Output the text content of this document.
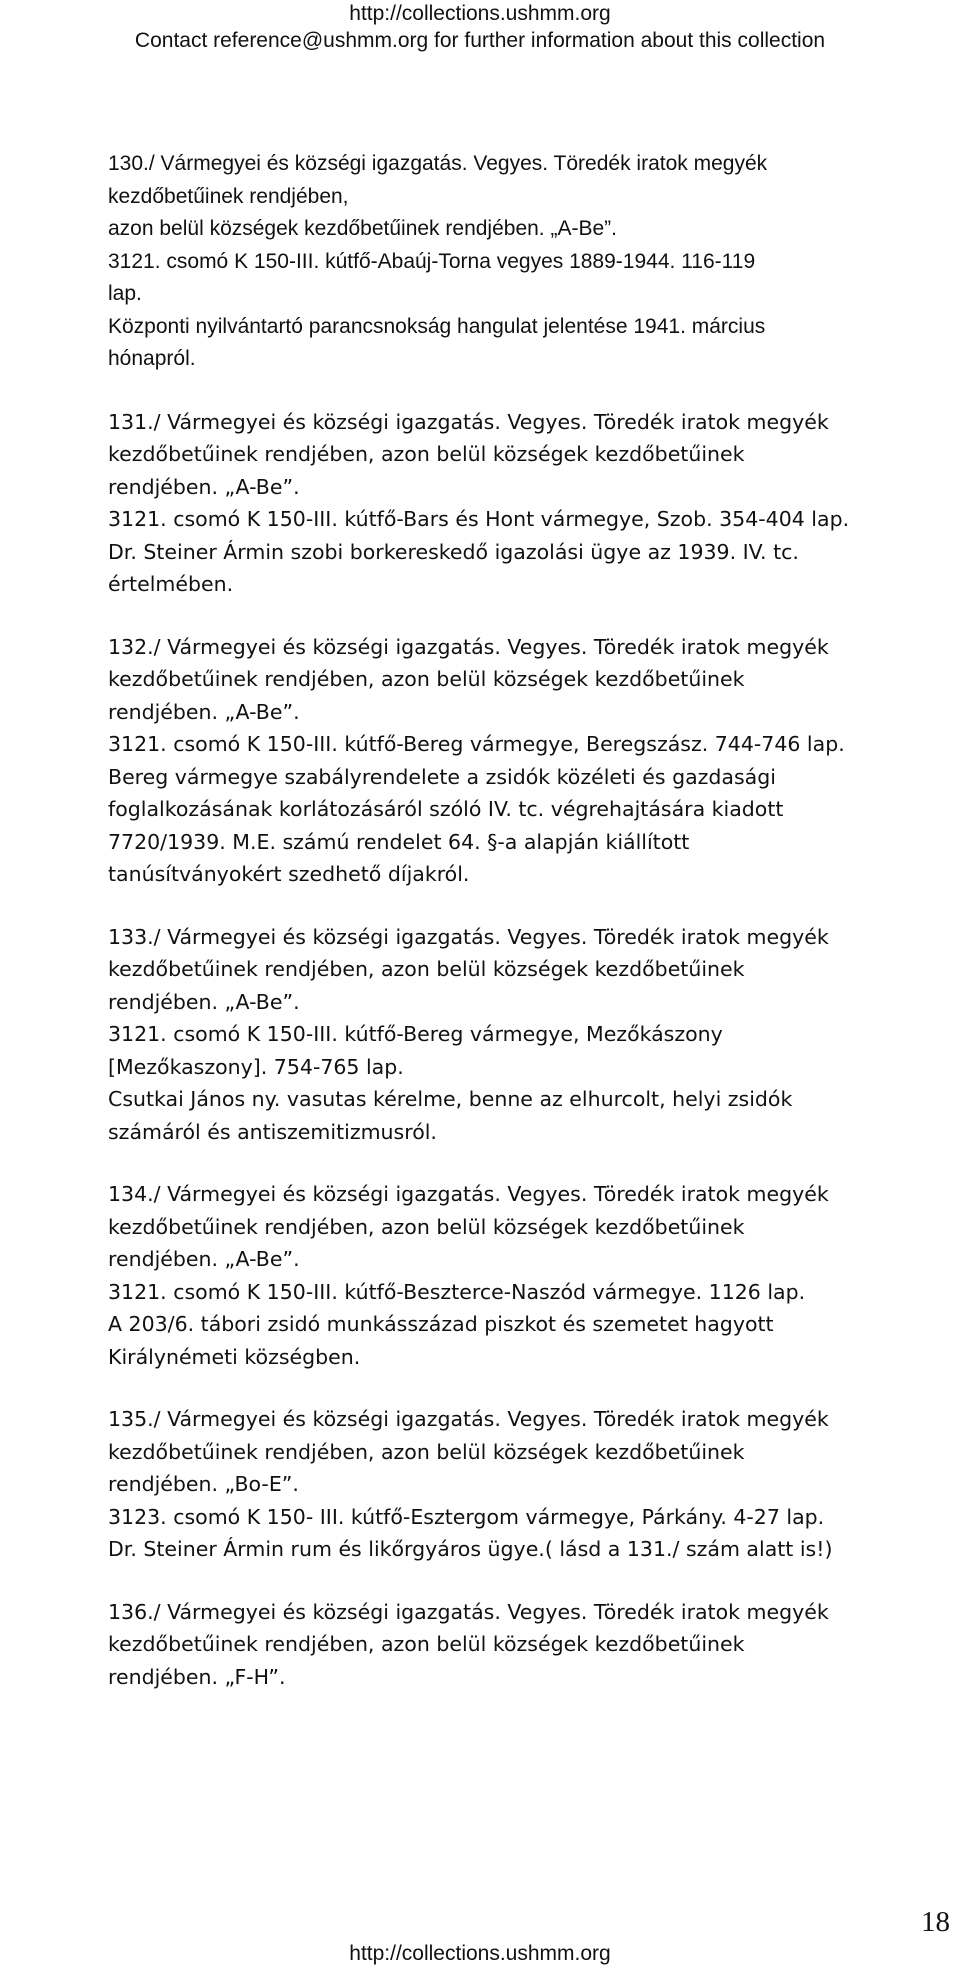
http://collections.ushmm.org
Contact reference@ushmm.org for further information about this collection
130./ Vármegyei és községi igazgatás. Vegyes. Töredék iratok megyék
kezdőbetűinek rendjében,
azon belül községek kezdőbetűinek rendjében. „A-Be”.
3121. csomó K 150-III. kútfő-Abaúj-Torna vegyes 1889-1944. 116-119
lap.
Központi nyilvántartó parancsnokság hangulat jelentése 1941. március
hónapról.
131./ Vármegyei és községi igazgatás. Vegyes. Töredék iratok megyék
kezdőbetűinek rendjében, azon belül községek kezdőbetűinek
rendjében. „A-Be”.
3121. csomó K 150-III. kútfő-Bars és Hont vármegye, Szob. 354-404 lap.
Dr. Steiner Ármin szobi borkereskedő igazolási ügye az 1939. IV. tc.
értelmében.
132./ Vármegyei és községi igazgatás. Vegyes. Töredék iratok megyék
kezdőbetűinek rendjében, azon belül községek kezdőbetűinek
rendjében. „A-Be”.
3121. csomó K 150-III. kútfő-Bereg vármegye, Beregszász. 744-746 lap.
Bereg vármegye szabályrendelete a zsidók közéleti és gazdasági
foglalkozásának korlátozásáról szóló IV. tc. végrehajtására kiadott
7720/1939. M.E. számú rendelet 64. §-a alapján kiállított
tanúsítványokért szedhető díjakról.
133./ Vármegyei és községi igazgatás. Vegyes. Töredék iratok megyék
kezdőbetűinek rendjében, azon belül községek kezdőbetűinek
rendjében. „A-Be”.
3121. csomó K 150-III. kútfő-Bereg vármegye, Mezőkászony
[Mezőkaszony]. 754-765 lap.
Csutkai János ny. vasutas kérelme, benne az elhurcolt, helyi zsidók
számáról és antiszemitizmusról.
134./ Vármegyei és községi igazgatás. Vegyes. Töredék iratok megyék
kezdőbetűinek rendjében, azon belül községek kezdőbetűinek
rendjében. „A-Be”.
3121. csomó K 150-III. kútfő-Beszterce-Naszód vármegye. 1126 lap.
A 203/6. tábori zsidó munkásszázad piszkot és szemetet hagyott
Királynémeti községben.
135./ Vármegyei és községi igazgatás. Vegyes. Töredék iratok megyék
kezdőbetűinek rendjében, azon belül községek kezdőbetűinek
rendjében. „Bo-E”.
3123. csomó K 150- III. kútfő-Esztergom vármegye, Párkány. 4-27 lap.
Dr. Steiner Ármin rum és likőrgyáros ügye.( lásd a 131./ szám alatt is!)
136./ Vármegyei és községi igazgatás. Vegyes. Töredék iratok megyék
kezdőbetűinek rendjében, azon belül községek kezdőbetűinek
rendjében. „F-H”.
18
http://collections.ushmm.org
